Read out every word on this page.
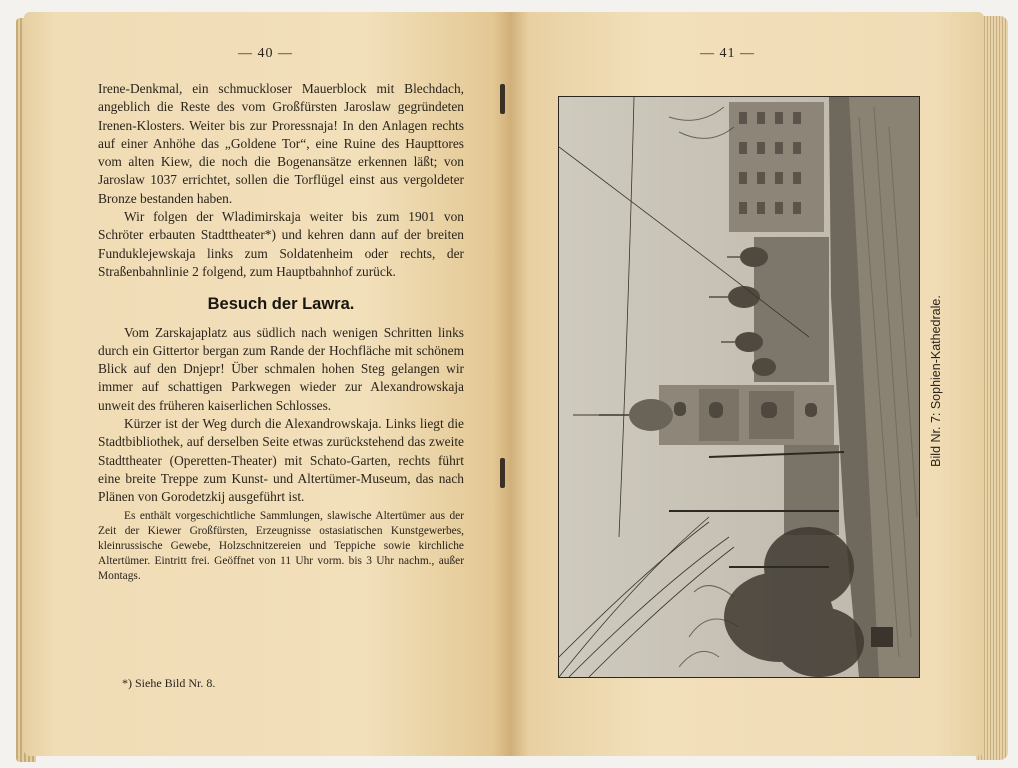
— 40 —

Irene-Denkmal, ein schmuckloser Mauerblock mit Blechdach, angeblich die Reste des vom Großfürsten Jaroslaw gegründeten Irenen-Klosters. Weiter bis zur Proressnaja! In den Anlagen rechts auf einer Anhöhe das „Goldene Tor“, eine Ruine des Haupttores vom alten Kiew, die noch die Bogenansätze erkennen läßt; von Jaroslaw 1037 errichtet, sollen die Torflügel einst aus vergoldeter Bronze bestanden haben.

Wir folgen der Wladimirskaja weiter bis zum 1901 von Schröter erbauten Stadttheater*) und kehren dann auf der breiten Funduklejewskaja links zum Soldatenheim oder rechts, der Straßenbahnlinie 2 folgend, zum Hauptbahnhof zurück.

Besuch der Lawra.

Vom Zarskajaplatz aus südlich nach wenigen Schritten links durch ein Gittertor bergan zum Rande der Hochfläche mit schönem Blick auf den Dnjepr! Über schmalen hohen Steg gelangen wir immer auf schattigen Parkwegen wieder zur Alexandrowskaja unweit des früheren kaiserlichen Schlosses.

Kürzer ist der Weg durch die Alexandrowskaja. Links liegt die Stadtbibliothek, auf derselben Seite etwas zurückstehend das zweite Stadttheater (Operetten-Theater) mit Schato-Garten, rechts führt eine breite Treppe zum Kunst- und Altertümer-Museum, das nach Plänen von Gorodetzkij ausgeführt ist.

Es enthält vorgeschichtliche Sammlungen, slawische Altertümer aus der Zeit der Kiewer Großfürsten, Erzeugnisse ostasiatischen Kunstgewerbes, kleinrussische Gewebe, Holzschnitzereien und Teppiche sowie kirchliche Altertümer. Eintritt frei. Geöffnet von 11 Uhr vorm. bis 3 Uhr nachm., außer Montags.

*) Siehe Bild Nr. 8.
— 41 —
Bild Nr. 7: Sophien-Kathedrale.
